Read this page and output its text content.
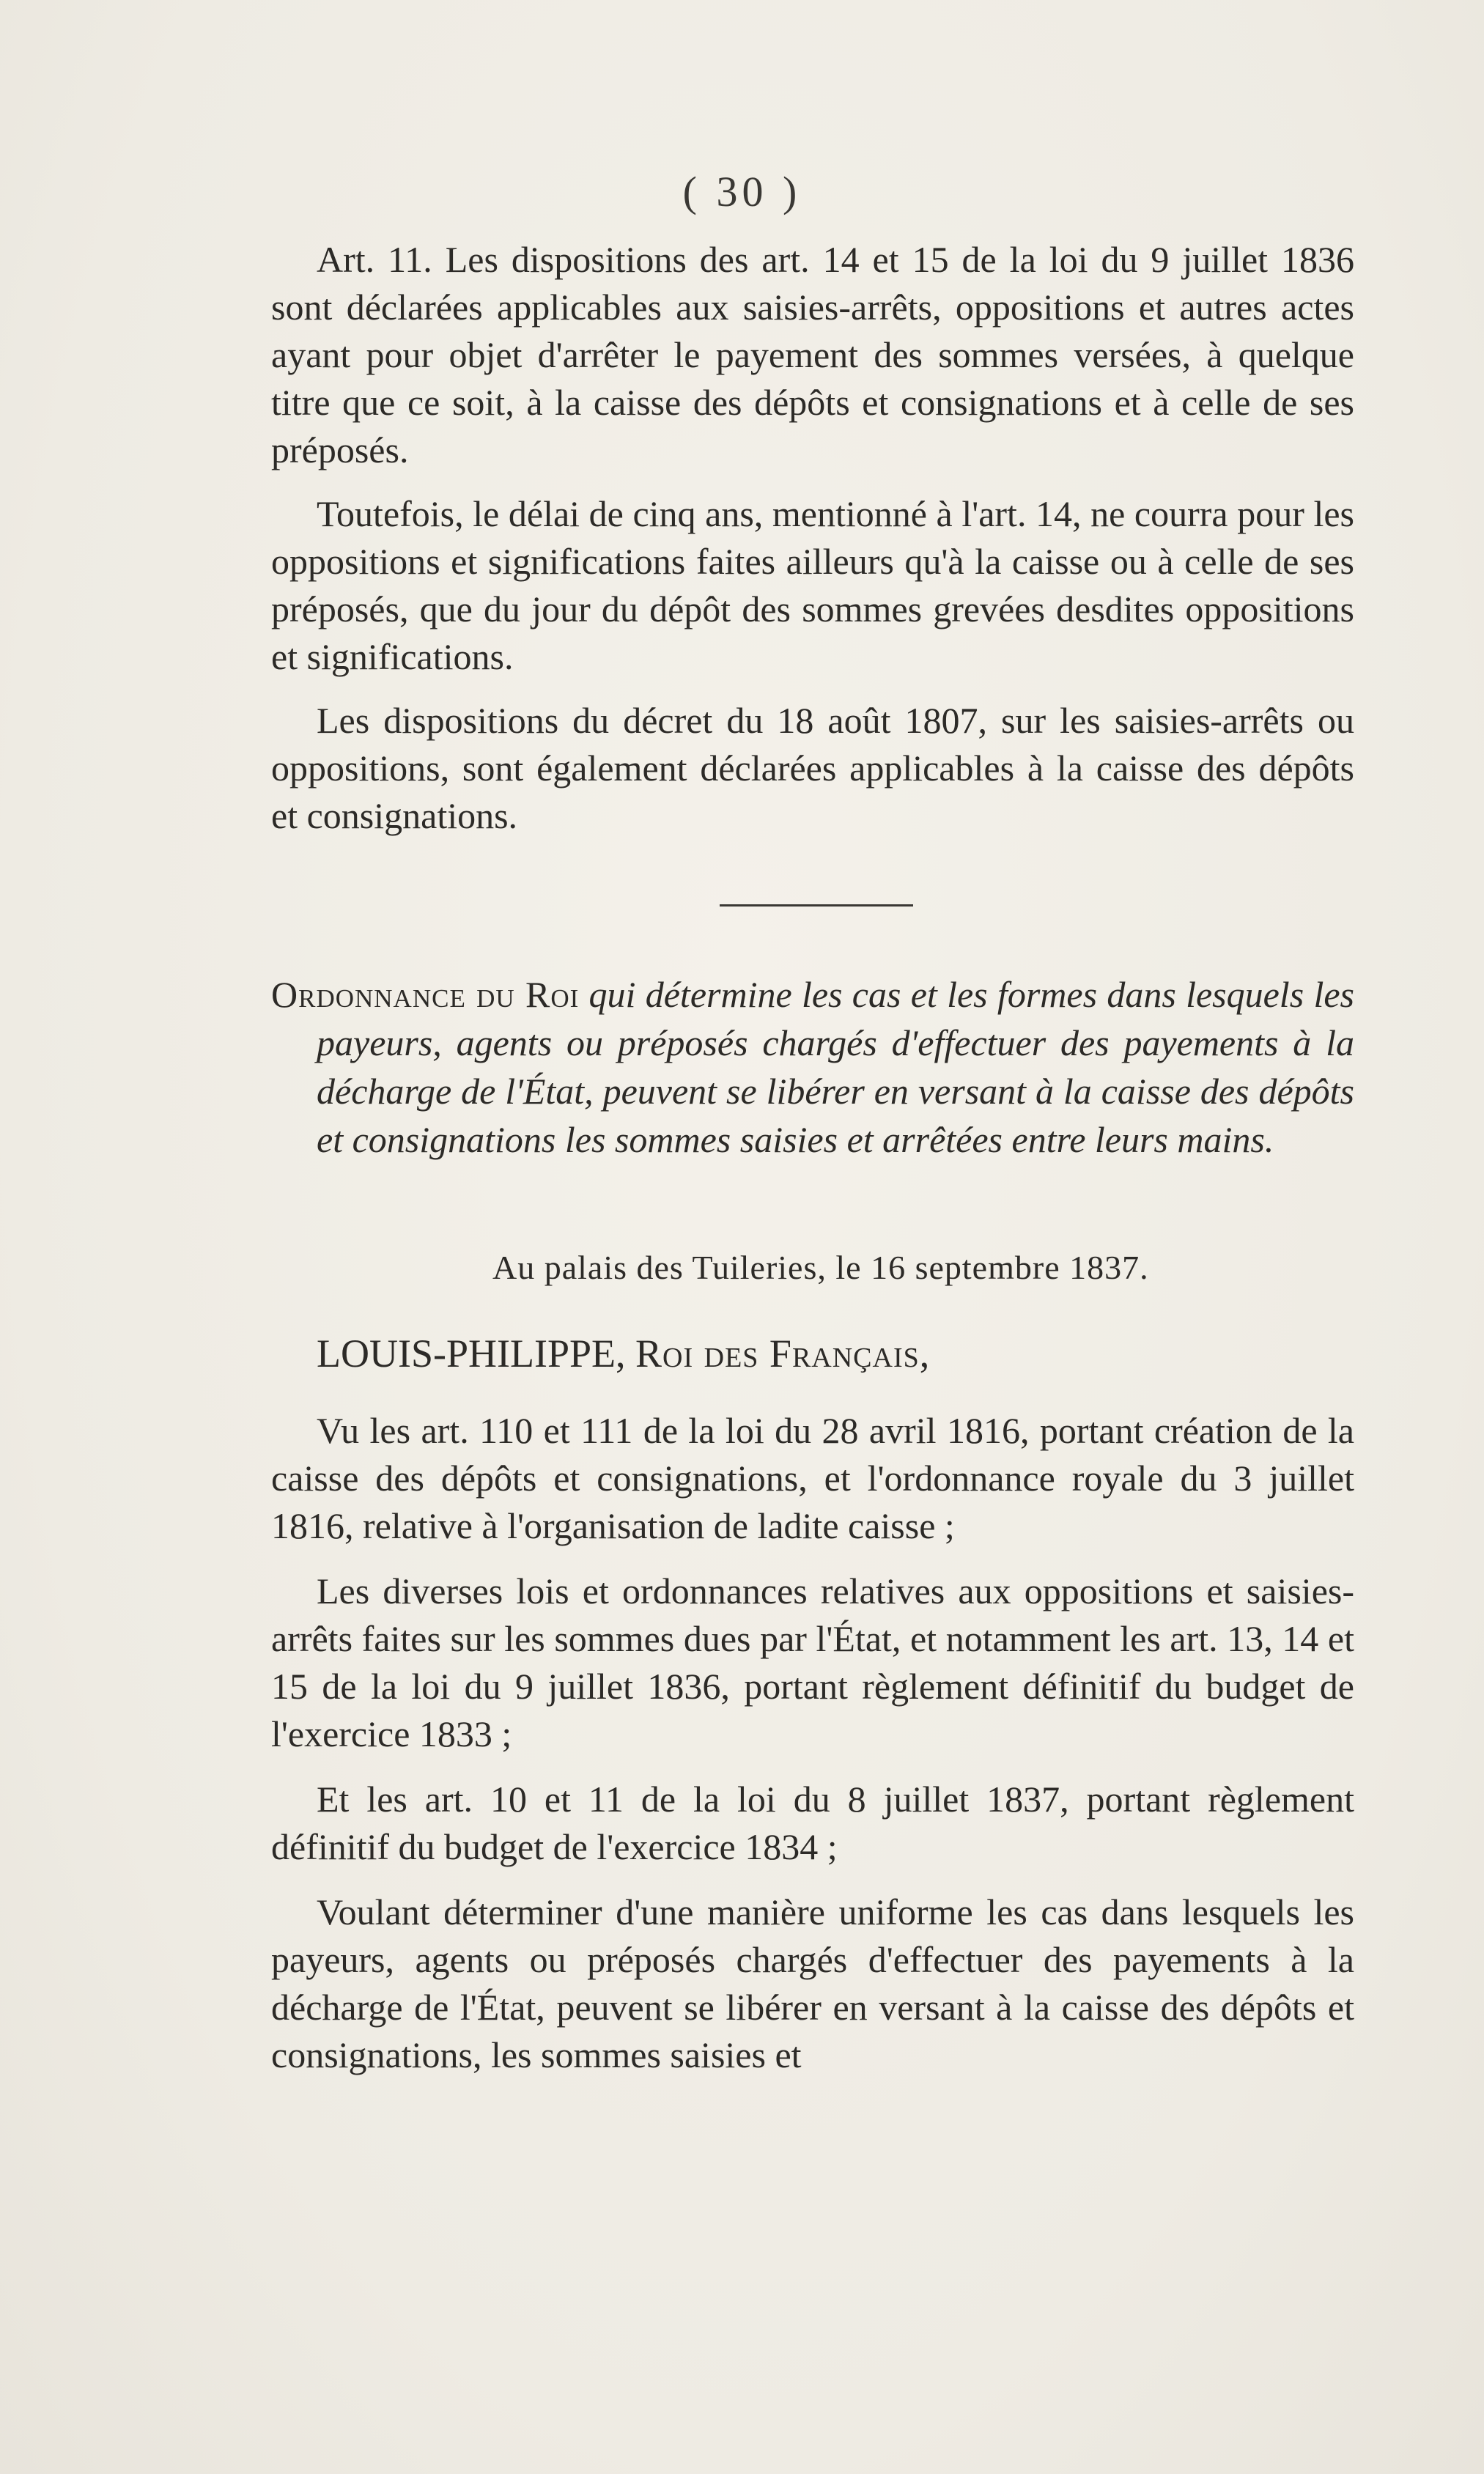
( 30 )

Art. 11. Les dispositions des art. 14 et 15 de la loi du 9 juillet 1836 sont déclarées applicables aux saisies-arrêts, oppositions et autres actes ayant pour objet d'arrêter le payement des sommes versées, à quelque titre que ce soit, à la caisse des dépôts et consignations et à celle de ses préposés.

Toutefois, le délai de cinq ans, mentionné à l'art. 14, ne courra pour les oppositions et significations faites ailleurs qu'à la caisse ou à celle de ses préposés, que du jour du dépôt des sommes grevées desdites oppositions et significations.

Les dispositions du décret du 18 août 1807, sur les saisies-arrêts ou oppositions, sont également déclarées applicables à la caisse des dépôts et consignations.

Ordonnance du Roi qui détermine les cas et les formes dans lesquels les payeurs, agents ou préposés chargés d'effectuer des payements à la décharge de l'État, peuvent se libérer en versant à la caisse des dépôts et consignations les sommes saisies et arrêtées entre leurs mains.
Au palais des Tuileries, le 16 septembre 1837.
LOUIS-PHILIPPE, Roi des Français,

Vu les art. 110 et 111 de la loi du 28 avril 1816, portant création de la caisse des dépôts et consignations, et l'ordonnance royale du 3 juillet 1816, relative à l'organisation de ladite caisse ;

Les diverses lois et ordonnances relatives aux oppositions et saisies-arrêts faites sur les sommes dues par l'État, et notamment les art. 13, 14 et 15 de la loi du 9 juillet 1836, portant règlement définitif du budget de l'exercice 1833 ;

Et les art. 10 et 11 de la loi du 8 juillet 1837, portant règlement définitif du budget de l'exercice 1834 ;

Voulant déterminer d'une manière uniforme les cas dans lesquels les payeurs, agents ou préposés chargés d'effectuer des payements à la décharge de l'État, peuvent se libérer en versant à la caisse des dépôts et consignations, les sommes saisies et
